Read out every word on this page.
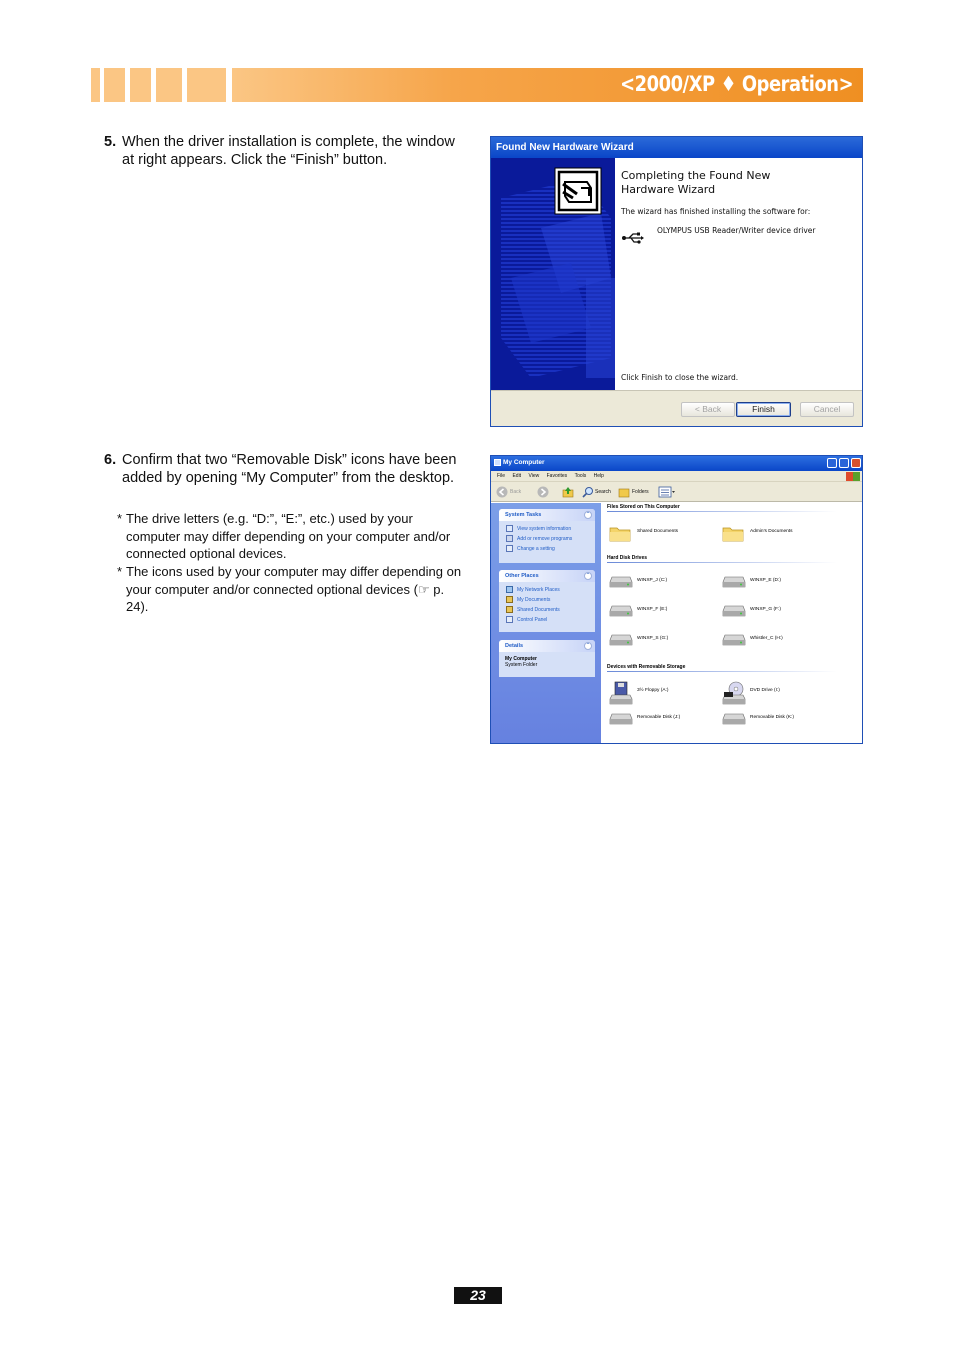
<2000/XP ♦ Operation>
5. When the driver installation is complete, the window at right appears. Click the “Finish” button.
6. Confirm that two “Removable Disk” icons have been added by opening “My Computer” from the desktop.
* The drive letters (e.g. “D:”, “E:”, etc.) used by your computer may differ depending on your computer and/or connected optional devices.
* The icons used by your computer may differ depending on your computer and/or connected optional devices (☞ p. 24).
Found New Hardware Wizard
Completing the Found New
Hardware Wizard
The wizard has finished installing the software for:
OLYMPUS USB Reader/Writer device driver
Click Finish to close the wizard.
< Back	Finish	Cancel
My Computer
File Edit View Favorites Tools Help
Back	Search	Folders
System Tasks	ˆ
View system information
Add or remove programs
Change a setting
Other Places	ˆ
My Network Places
My Documents
Shared Documents
Control Panel
Details	ˆ
My Computer
System Folder
Files Stored on This Computer
Shared Documents	Admin's Documents
Hard Disk Drives
WINXP_J (C:)	WINXP_E (D:)
WINXP_F (E:)	WINXP_G (F:)
WINXP_S (G:)	Whistler_C (H:)
Devices with Removable Storage
3½ Floppy (A:)	DVD Drive (I:)
Removable Disk (J:)	Removable Disk (K:)
23
